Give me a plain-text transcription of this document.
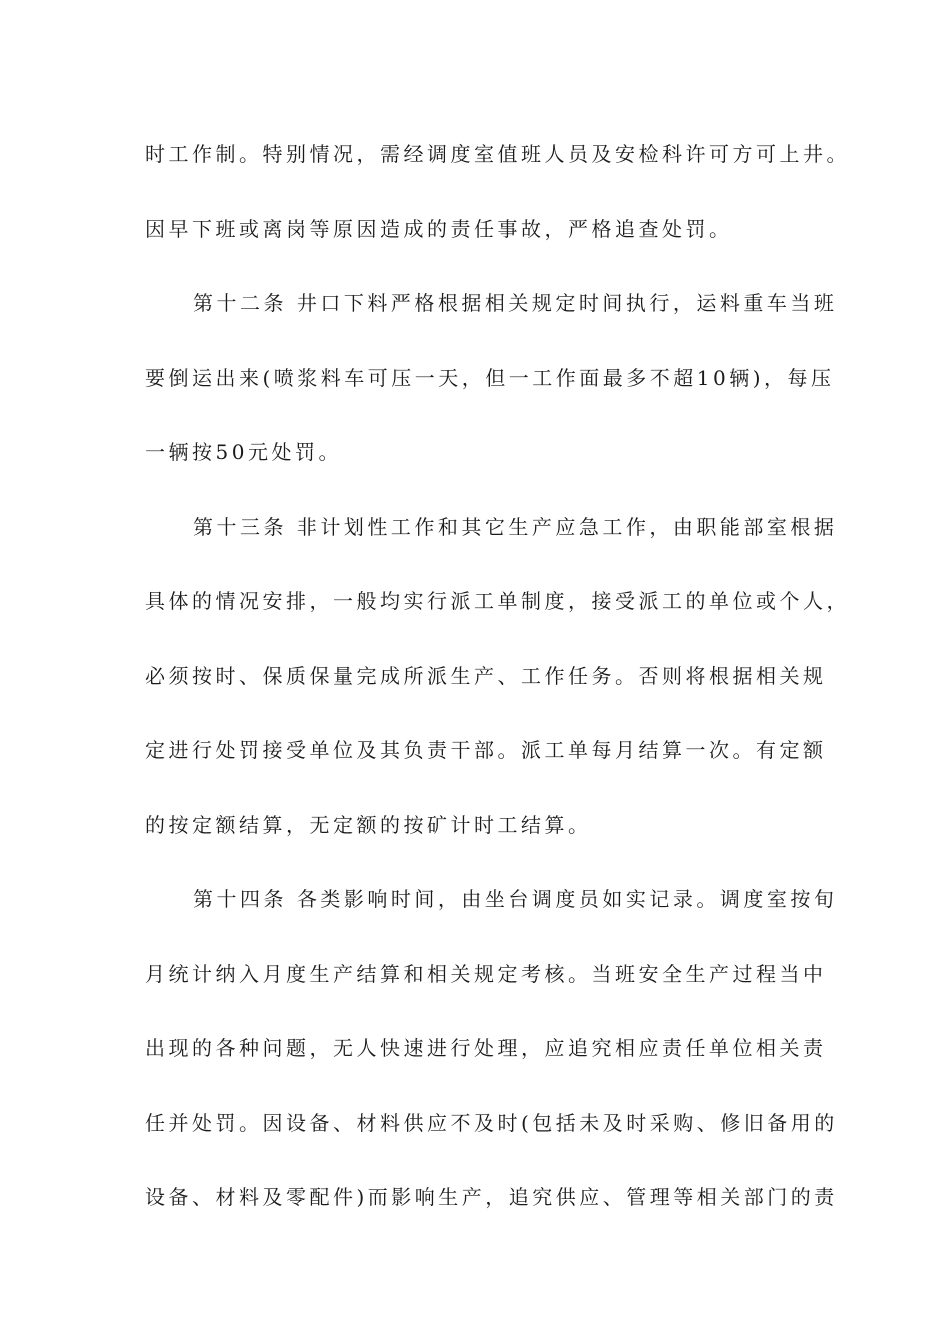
时工作制。特别情况，需经调度室值班人员及安检科许可方可上井。
因早下班或离岗等原因造成的责任事故，严格追查处罚。
第十二条 井口下料严格根据相关规定时间执行，运料重车当班
要倒运出来(喷浆料车可压一天，但一工作面最多不超10辆)，每压
一辆按50元处罚。
第十三条 非计划性工作和其它生产应急工作，由职能部室根据
具体的情况安排，一般均实行派工单制度，接受派工的单位或个人，
必须按时、保质保量完成所派生产、工作任务。否则将根据相关规
定进行处罚接受单位及其负责干部。派工单每月结算一次。有定额
的按定额结算，无定额的按矿计时工结算。
第十四条 各类影响时间，由坐台调度员如实记录。调度室按旬
月统计纳入月度生产结算和相关规定考核。当班安全生产过程当中
出现的各种问题，无人快速进行处理，应追究相应责任单位相关责
任并处罚。因设备、材料供应不及时(包括未及时采购、修旧备用的
设备、材料及零配件)而影响生产，追究供应、管理等相关部门的责
